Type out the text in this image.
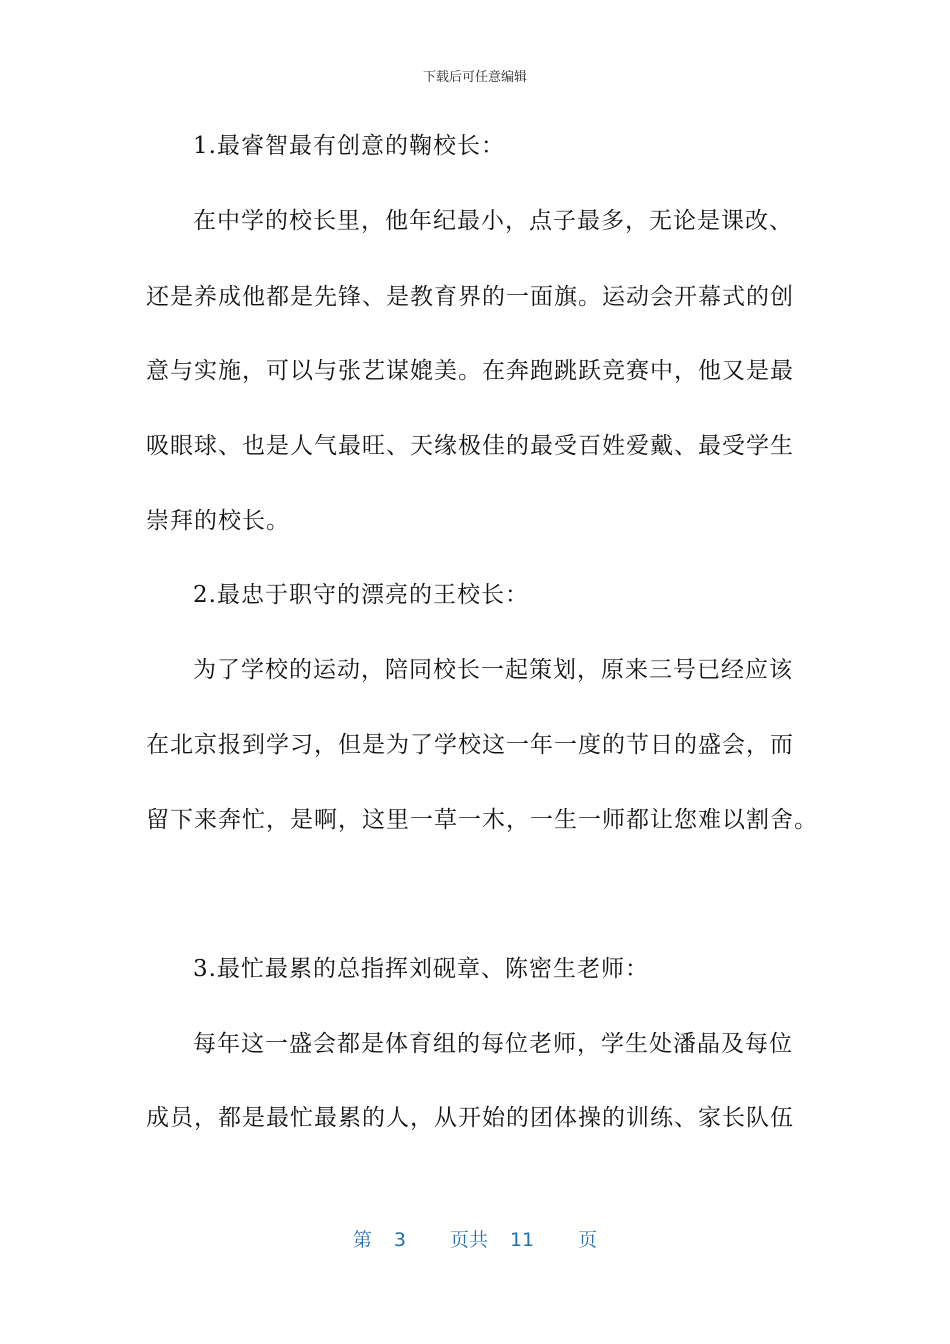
下载后可任意编辑
1.最睿智最有创意的鞠校长：
在中学的校长里，他年纪最小，点子最多，无论是课改、
还是养成他都是先锋、是教育界的一面旗。运动会开幕式的创
意与实施，可以与张艺谋媲美。在奔跑跳跃竞赛中，他又是最
吸眼球、也是人气最旺、天缘极佳的最受百姓爱戴、最受学生
崇拜的校长。
2.最忠于职守的漂亮的王校长：
为了学校的运动，陪同校长一起策划，原来三号已经应该
在北京报到学习，但是为了学校这一年一度的节日的盛会，而
留下来奔忙，是啊，这里一草一木，一生一师都让您难以割舍。
3.最忙最累的总指挥刘砚章、陈密生老师：
每年这一盛会都是体育组的每位老师，学生处潘晶及每位
成员，都是最忙最累的人，从开始的团体操的训练、家长队伍
第 3 页共 11 页
